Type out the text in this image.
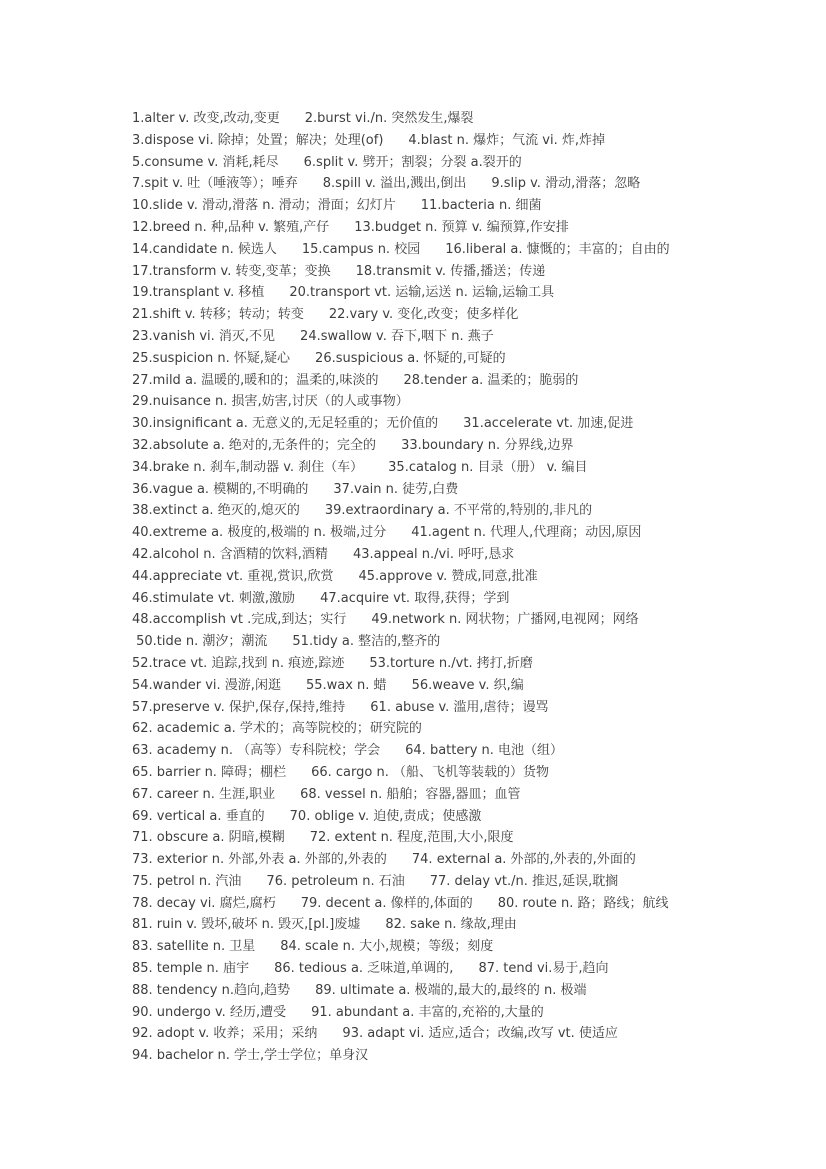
1.alter v. 改变,改动,变更 2.burst vi./n. 突然发生,爆裂
3.dispose vi. 除掉；处置；解决；处理(of) 4.blast n. 爆炸；气流 vi. 炸,炸掉
5.consume v. 消耗,耗尽 6.split v. 劈开；割裂；分裂 a.裂开的
7.spit v. 吐（唾液等）；唾弃 8.spill v. 溢出,溅出,倒出 9.slip v. 滑动,滑落；忽略
10.slide v. 滑动,滑落 n. 滑动；滑面；幻灯片 11.bacteria n. 细菌
12.breed n. 种,品种 v. 繁殖,产仔 13.budget n. 预算 v. 编预算,作安排
14.candidate n. 候选人 15.campus n. 校园 16.liberal a. 慷慨的；丰富的；自由的
17.transform v. 转变,变革；变换 18.transmit v. 传播,播送；传递
19.transplant v. 移植 20.transport vt. 运输,运送 n. 运输,运输工具
21.shift v. 转移；转动；转变 22.vary v. 变化,改变；使多样化
23.vanish vi. 消灭,不见 24.swallow v. 吞下,咽下 n. 燕子
25.suspicion n. 怀疑,疑心 26.suspicious a. 怀疑的,可疑的
27.mild a. 温暖的,暖和的；温柔的,味淡的 28.tender a. 温柔的；脆弱的
29.nuisance n. 损害,妨害,讨厌（的人或事物）
30.insignificant a. 无意义的,无足轻重的；无价值的 31.accelerate vt. 加速,促进
32.absolute a. 绝对的,无条件的；完全的 33.boundary n. 分界线,边界
34.brake n. 刹车,制动器 v. 刹住（车） 35.catalog n. 目录（册） v. 编目
36.vague a. 模糊的,不明确的 37.vain n. 徒劳,白费
38.extinct a. 绝灭的,熄灭的 39.extraordinary a. 不平常的,特别的,非凡的
40.extreme a. 极度的,极端的 n. 极端,过分 41.agent n. 代理人,代理商；动因,原因
42.alcohol n. 含酒精的饮料,酒精 43.appeal n./vi. 呼吁,恳求
44.appreciate vt. 重视,赏识,欣赏 45.approve v. 赞成,同意,批准
46.stimulate vt. 刺激,激励 47.acquire vt. 取得,获得；学到
48.accomplish vt .完成,到达；实行 49.network n. 网状物；广播网,电视网；网络
50.tide n. 潮汐；潮流 51.tidy a. 整洁的,整齐的
52.trace vt. 追踪,找到 n. 痕迹,踪迹 53.torture n./vt. 拷打,折磨
54.wander vi. 漫游,闲逛 55.wax n. 蜡 56.weave v. 织,编
57.preserve v. 保护,保存,保持,维持 61. abuse v. 滥用,虐待；谩骂
62. academic a. 学术的；高等院校的；研究院的
63. academy n. （高等）专科院校；学会 64. battery n. 电池（组）
65. barrier n. 障碍；棚栏 66. cargo n. （船、飞机等装载的）货物
67. career n. 生涯,职业 68. vessel n. 船舶；容器,器皿；血管
69. vertical a. 垂直的 70. oblige v. 迫使,责成；使感激
71. obscure a. 阴暗,模糊 72. extent n. 程度,范围,大小,限度
73. exterior n. 外部,外表 a. 外部的,外表的 74. external a. 外部的,外表的,外面的
75. petrol n. 汽油 76. petroleum n. 石油 77. delay vt./n. 推迟,延误,耽搁
78. decay vi. 腐烂,腐朽 79. decent a. 像样的,体面的 80. route n. 路；路线；航线
81. ruin v. 毁坏,破坏 n. 毁灭,[pl.]废墟 82. sake n. 缘故,理由
83. satellite n. 卫星 84. scale n. 大小,规模；等级；刻度
85. temple n. 庙宇 86. tedious a. 乏味道,单调的, 87. tend vi.易于,趋向
88. tendency n.趋向,趋势 89. ultimate a. 极端的,最大的,最终的 n. 极端
90. undergo v. 经历,遭受 91. abundant a. 丰富的,充裕的,大量的
92. adopt v. 收养；采用；采纳 93. adapt vi. 适应,适合；改编,改写 vt. 使适应
94. bachelor n. 学士,学士学位；单身汉
